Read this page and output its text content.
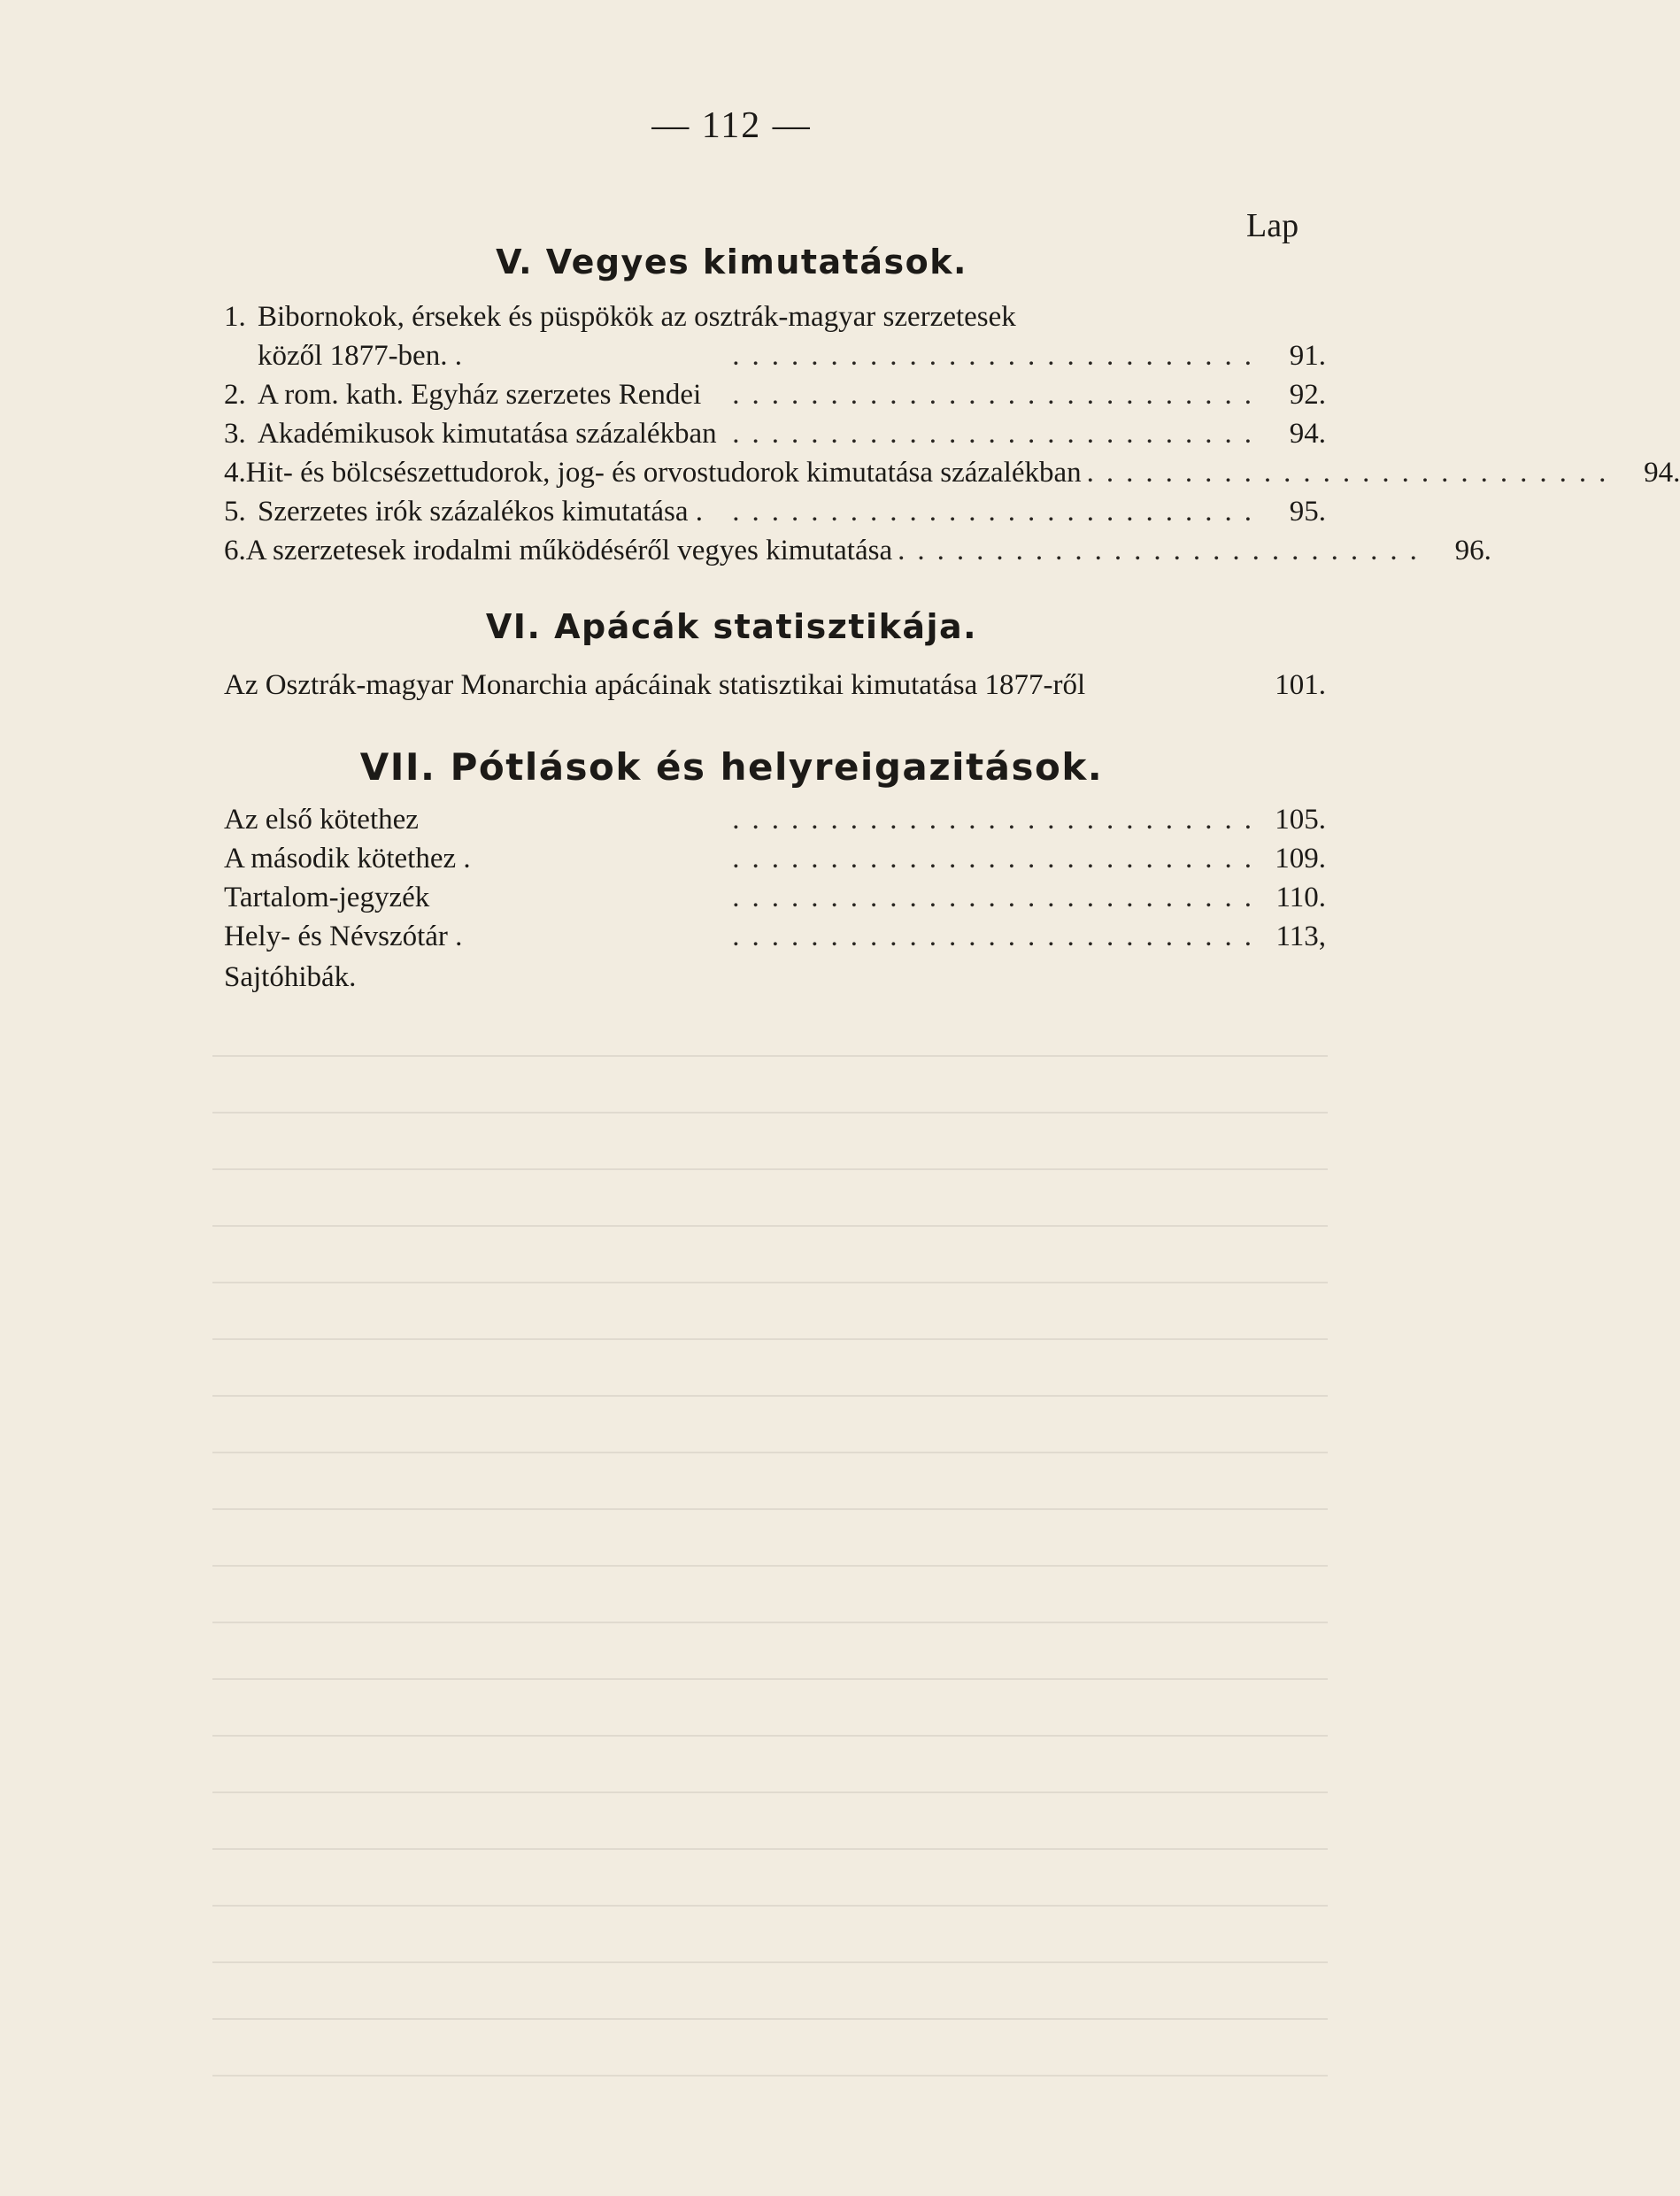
— 112 —
Lap
V. Vegyes kimutatások.
1. Bibornokok, érsekek és püspökök az osztrák-magyar szerzetesek
közől 1877-ben. .	........................... 91.
2. A rom. kath. Egyház szerzetes Rendei	........................... 92.
3. Akadémikusok kimutatása százalékban ........................... 94.
4. Hit- és bölcsészettudorok, jog- és orvostudorok kimutatása százalékban ........................... 94.
5. Szerzetes irók százalékos kimutatása .	........................... 95.
6. A szerzetesek irodalmi működéséről vegyes kimutatása ........................... 96.
VI. Apácák statisztikája.
Az Osztrák-magyar Monarchia apácáinak statisztikai kimutatása 1877-ről	101.
VII. Pótlások és helyreigazitások.
Az első kötethez	........................... 105.
A második kötethez .	........................... 109.
Tartalom-jegyzék	........................... 110.
Hely- és Névszótár .	........................... 113,
Sajtóhibák.
